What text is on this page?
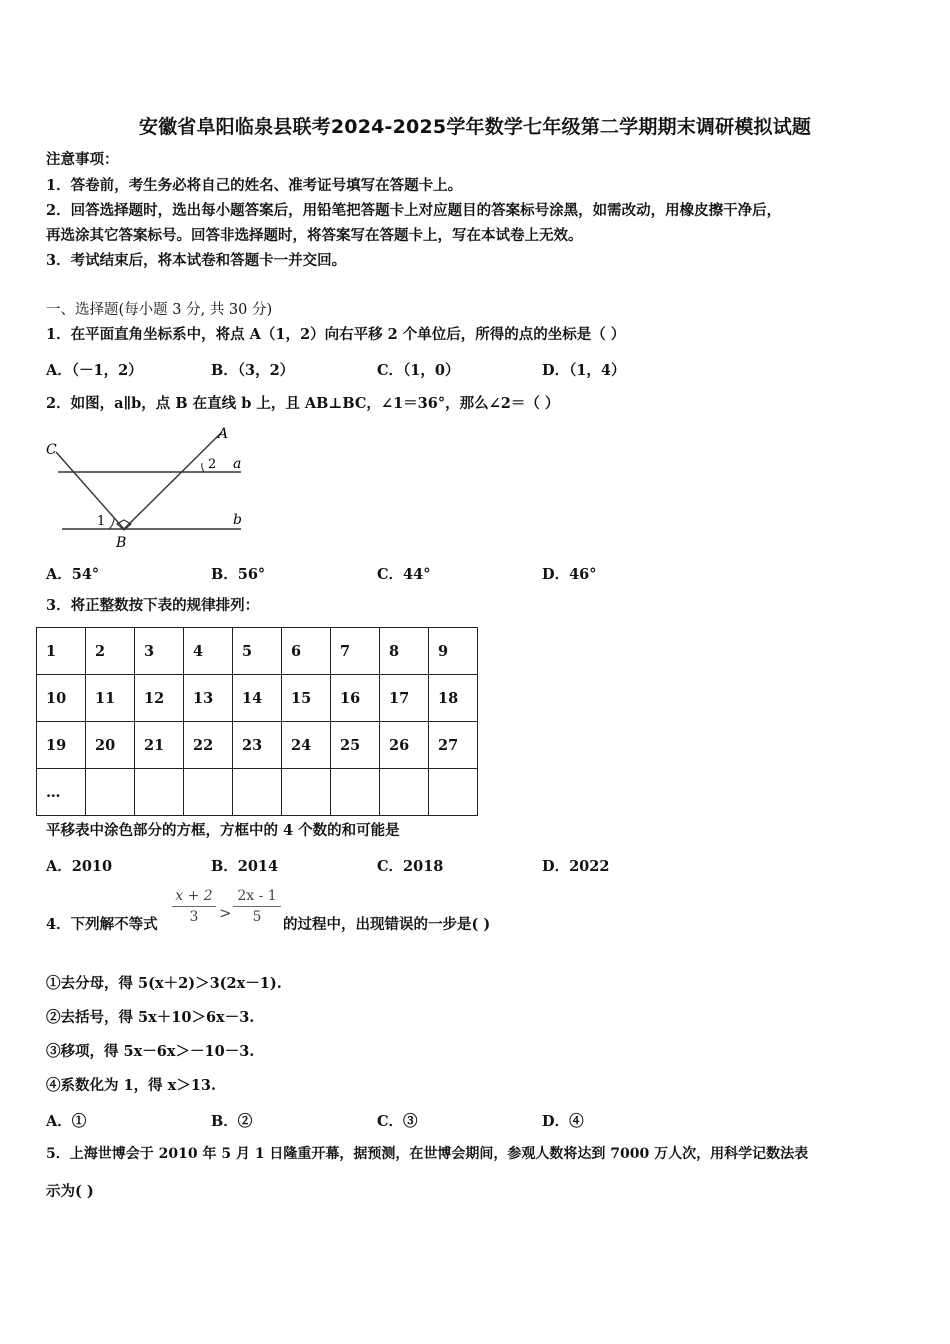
安徽省阜阳临泉县联考2024-2025学年数学七年级第二学期期末调研模拟试题
注意事项：
1．答卷前，考生务必将自己的姓名、准考证号填写在答题卡上。
2．回答选择题时，选出每小题答案后，用铅笔把答题卡上对应题目的答案标号涂黑，如需改动，用橡皮擦干净后，
再选涂其它答案标号。回答非选择题时，将答案写在答题卡上，写在本试卷上无效。
3．考试结束后，将本试卷和答题卡一并交回。
一、选择题(每小题 3 分, 共 30 分)
1．在平面直角坐标系中，将点 A（1，2）向右平移 2 个单位后，所得的点的坐标是（ ）
A．（－1，2）	B．（3，2）	C．（1，0）	D．（1，4）
2．如图，a∥b，点 B 在直线 b 上，且 AB⊥BC，∠1＝36°，那么∠2＝（ ）
C
A
a
b
B
1
2
A．54°	B．56°	C．44°	D．46°
3．将正整数按下表的规律排列：
1	2	3	4	5	6	7	8	9
10	11	12	13	14	15	16	17	18
19	20	21	22	23	24	25	26	27
…								
平移表中涂色部分的方框，方框中的 4 个数的和可能是
A．2010	B．2014	C．2018	D．2022
4．下列解不等式
x + 2
3	>
2x - 1
5	的过程中，出现错误的一步是( )
①去分母，得 5(x＋2)＞3(2x－1).
②去括号，得 5x＋10＞6x－3.
③移项，得 5x－6x＞－10－3.
④系数化为 1，得 x＞13.
A．①	B．②	C．③	D．④
5．上海世博会于 2010 年 5 月 1 日隆重开幕，据预测，在世博会期间，参观人数将达到 7000 万人次，用科学记数法表
示为( )
